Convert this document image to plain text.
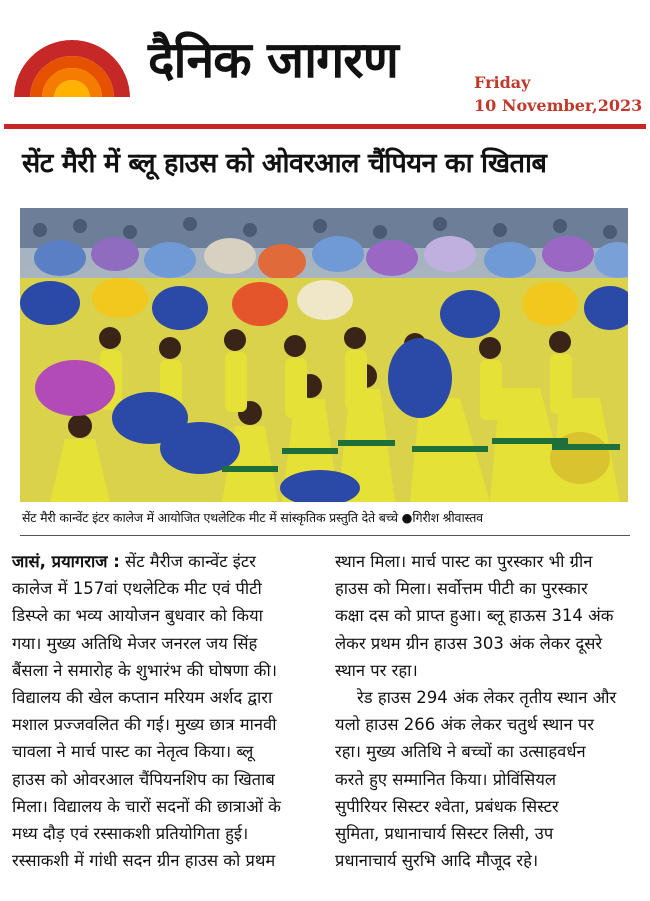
दैनिक जागरण	Friday
10 November,2023
सेंट मैरी में ब्लू हाउस को ओवरआल चैंपियन का खिताब
सेंट मैरी कान्वेंट इंटर कालेज में आयोजित एथलेटिक मीट में सांस्कृतिक प्रस्तुति देते बच्चे ●गिरीश श्रीवास्तव
जासं, प्रयागराज : सेंट मैरीज कान्वेंट इंटर
कालेज में 157वां एथलेटिक मीट एवं पीटी
डिस्प्ले का भव्य आयोजन बुधवार को किया
गया। मुख्य अतिथि मेजर जनरल जय सिंह
बैंसला ने समारोह के शुभारंभ की घोषणा की।
विद्यालय की खेल कप्तान मरियम अर्शद द्वारा
मशाल प्रज्जवलित की गई। मुख्य छात्र मानवी
चावला ने मार्च पास्ट का नेतृत्व किया। ब्लू
हाउस को ओवरआल चैंपियनशिप का खिताब
मिला। विद्यालय के चारों सदनों की छात्राओं के
मध्य दौड़ एवं रस्साकशी प्रतियोगिता हुई।
रस्साकशी में गांधी सदन ग्रीन हाउस को प्रथम
स्थान मिला। मार्च पास्ट का पुरस्कार भी ग्रीन
हाउस को मिला। सर्वोत्तम पीटी का पुरस्कार
कक्षा दस को प्राप्त हुआ। ब्लू हाऊस 314 अंक
लेकर प्रथम ग्रीन हाउस 303 अंक लेकर दूसरे
स्थान पर रहा।
रेड हाउस 294 अंक लेकर तृतीय स्थान और
यलो हाउस 266 अंक लेकर चतुर्थ स्थान पर
रहा। मुख्य अतिथि ने बच्चों का उत्साहवर्धन
करते हुए सम्मानित किया। प्रोविंसियल
सुपीरियर सिस्टर श्वेता, प्रबंधक सिस्टर
सुमिता, प्रधानाचार्य सिस्टर लिसी, उप
प्रधानाचार्य सुरभि आदि मौजूद रहे।
